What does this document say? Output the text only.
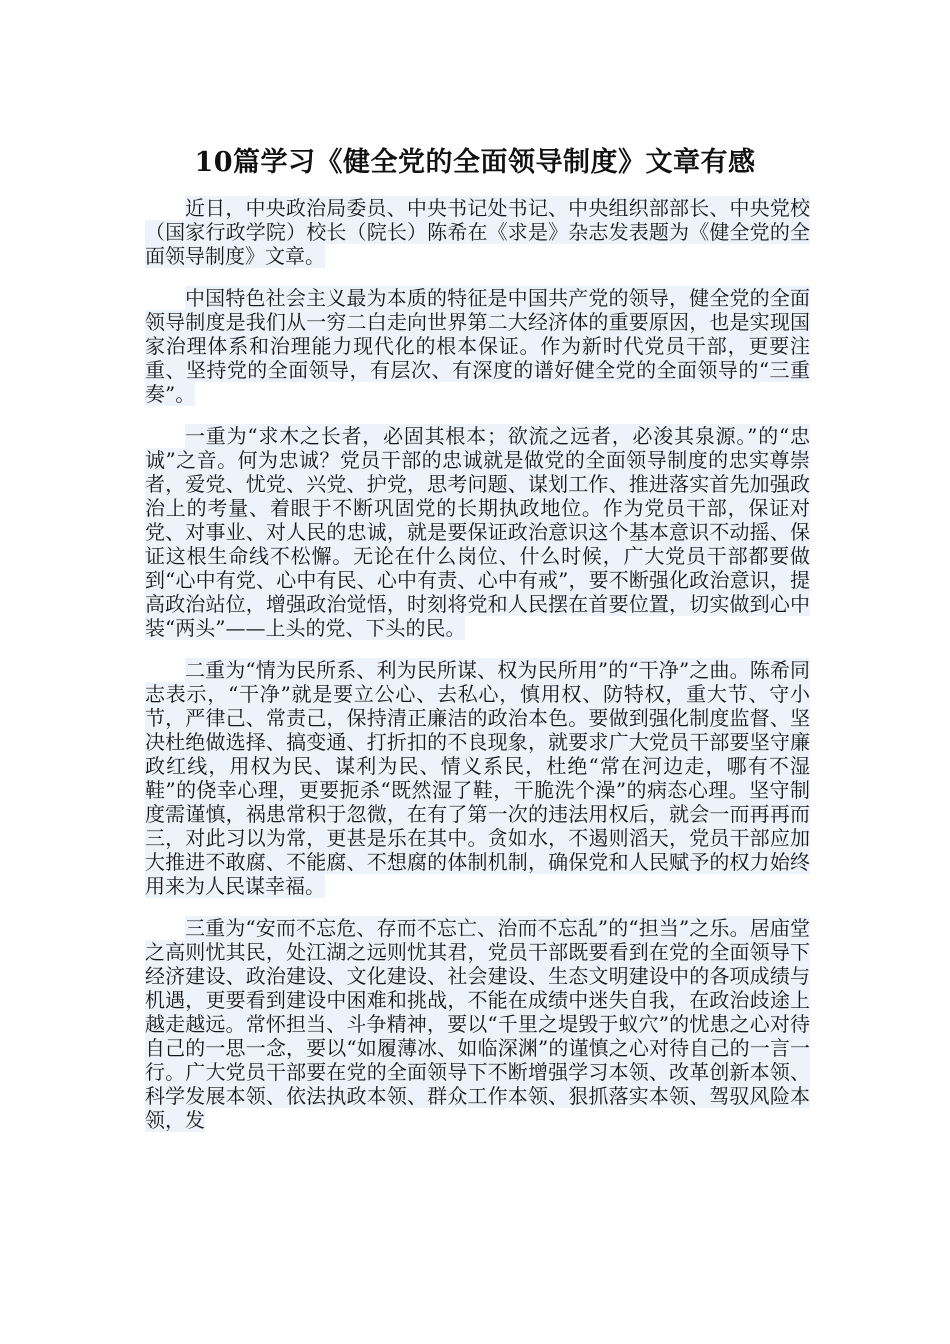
10篇学习《健全党的全面领导制度》文章有感

近日，中央政治局委员、中央书记处书记、中央组织部部长、中央党校（国家行政学院）校长（院长）陈希在《求是》杂志发表题为《健全党的全面领导制度》文章。

中国特色社会主义最为本质的特征是中国共产党的领导，健全党的全面领导制度是我们从一穷二白走向世界第二大经济体的重要原因，也是实现国家治理体系和治理能力现代化的根本保证。作为新时代党员干部，更要注重、坚持党的全面领导，有层次、有深度的谱好健全党的全面领导的“三重奏”。

一重为“求木之长者，必固其根本；欲流之远者，必浚其泉源。”的“忠诚”之音。何为忠诚？党员干部的忠诚就是做党的全面领导制度的忠实尊崇者，爱党、忧党、兴党、护党，思考问题、谋划工作、推进落实首先加强政治上的考量、着眼于不断巩固党的长期执政地位。作为党员干部，保证对党、对事业、对人民的忠诚，就是要保证政治意识这个基本意识不动摇、保证这根生命线不松懈。无论在什么岗位、什么时候，广大党员干部都要做到“心中有党、心中有民、心中有责、心中有戒”，要不断强化政治意识，提高政治站位，增强政治觉悟，时刻将党和人民摆在首要位置，切实做到心中装“两头”——上头的党、下头的民。

二重为“情为民所系、利为民所谋、权为民所用”的“干净”之曲。陈希同志表示，“干净”就是要立公心、去私心，慎用权、防特权，重大节、守小节，严律己、常责己，保持清正廉洁的政治本色。要做到强化制度监督、坚决杜绝做选择、搞变通、打折扣的不良现象，就要求广大党员干部要坚守廉政红线，用权为民、谋利为民、情义系民，杜绝“常在河边走，哪有不湿鞋”的侥幸心理，更要扼杀“既然湿了鞋，干脆洗个澡”的病态心理。坚守制度需谨慎，祸患常积于忽微，在有了第一次的违法用权后，就会一而再再而三，对此习以为常，更甚是乐在其中。贪如水，不遏则滔天，党员干部应加大推进不敢腐、不能腐、不想腐的体制机制，确保党和人民赋予的权力始终用来为人民谋幸福。

三重为“安而不忘危、存而不忘亡、治而不忘乱”的“担当”之乐。居庙堂之高则忧其民，处江湖之远则忧其君，党员干部既要看到在党的全面领导下经济建设、政治建设、文化建设、社会建设、生态文明建设中的各项成绩与机遇，更要看到建设中困难和挑战，不能在成绩中迷失自我，在政治歧途上越走越远。常怀担当、斗争精神，要以“千里之堤毁于蚁穴”的忧患之心对待自己的一思一念，要以“如履薄冰、如临深渊”的谨慎之心对待自己的一言一行。广大党员干部要在党的全面领导下不断增强学习本领、改革创新本领、科学发展本领、依法执政本领、群众工作本领、狠抓落实本领、驾驭风险本领，发
